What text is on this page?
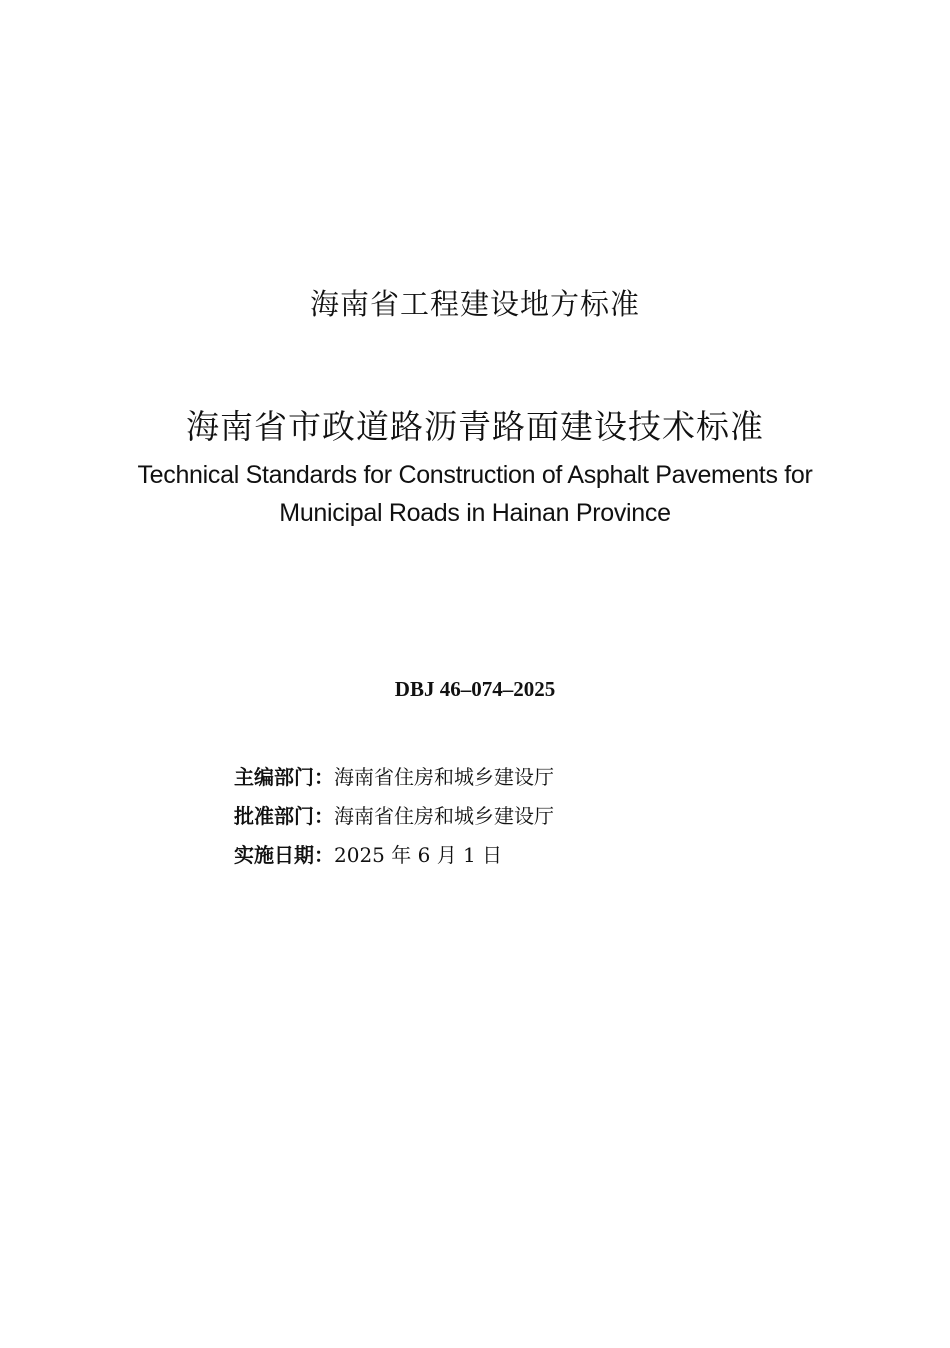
海南省工程建设地方标准
海南省市政道路沥青路面建设技术标准
Technical Standards for Construction of Asphalt Pavements for
Municipal Roads in Hainan Province
DBJ 46–074–2025
主编部门：海南省住房和城乡建设厅
批准部门：海南省住房和城乡建设厅
实施日期：2025 年 6 月 1 日
